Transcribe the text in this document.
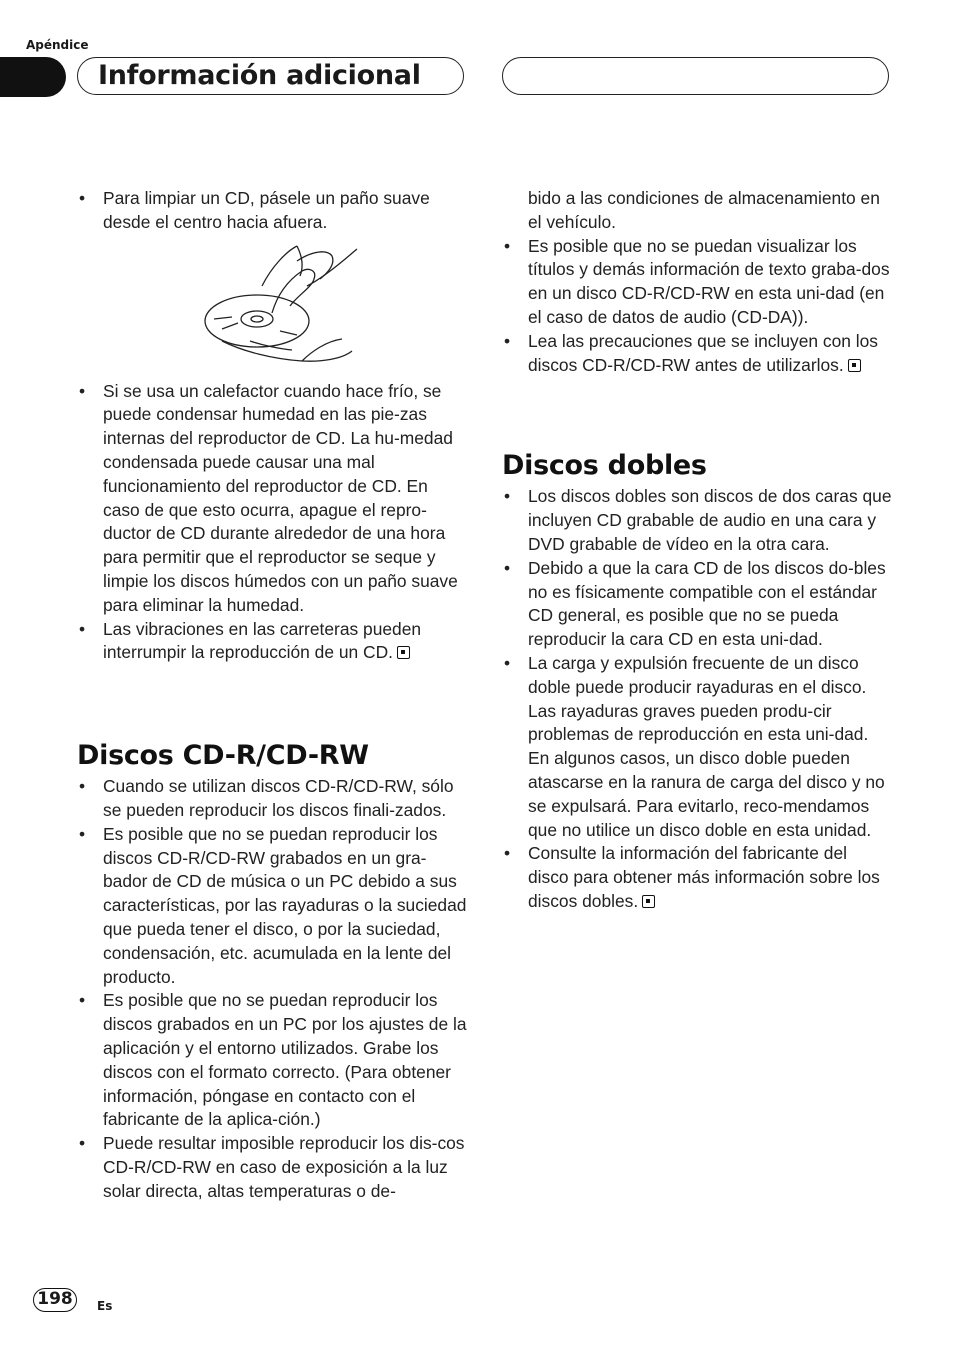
Apéndice
Información adicional
• Para limpiar un CD, pásele un paño suave desde el centro hacia afuera.
• Si se usa un calefactor cuando hace frío, se puede condensar humedad en las pie-zas internas del reproductor de CD. La hu-medad condensada puede causar una mal funcionamiento del reproductor de CD. En caso de que esto ocurra, apague el repro-ductor de CD durante alrededor de una hora para permitir que el reproductor se seque y limpie los discos húmedos con un paño suave para eliminar la humedad.
• Las vibraciones en las carreteras pueden interrumpir la reproducción de un CD.
Discos CD-R/CD-RW
• Cuando se utilizan discos CD-R/CD-RW, sólo se pueden reproducir los discos finali-zados.
• Es posible que no se puedan reproducir los discos CD-R/CD-RW grabados en un gra-bador de CD de música o un PC debido a sus características, por las rayaduras o la suciedad que pueda tener el disco, o por la suciedad, condensación, etc. acumulada en la lente del producto.
• Es posible que no se puedan reproducir los discos grabados en un PC por los ajustes de la aplicación y el entorno utilizados. Grabe los discos con el formato correcto. (Para obtener información, póngase en contacto con el fabricante de la aplica-ción.)
• Puede resultar imposible reproducir los dis-cos CD-R/CD-RW en caso de exposición a la luz solar directa, altas temperaturas o de-

bido a las condiciones de almacenamiento en el vehículo.

• Es posible que no se puedan visualizar los títulos y demás información de texto graba-dos en un disco CD-R/CD-RW en esta uni-dad (en el caso de datos de audio (CD-DA)).
• Lea las precauciones que se incluyen con los discos CD-R/CD-RW antes de utilizarlos.
Discos dobles
• Los discos dobles son discos de dos caras que incluyen CD grabable de audio en una cara y DVD grabable de vídeo en la otra cara.
• Debido a que la cara CD de los discos do-bles no es físicamente compatible con el estándar CD general, es posible que no se pueda reproducir la cara CD en esta uni-dad.
• La carga y expulsión frecuente de un disco doble puede producir rayaduras en el disco. Las rayaduras graves pueden produ-cir problemas de reproducción en esta uni-dad. En algunos casos, un disco doble pueden atascarse en la ranura de carga del disco y no se expulsará. Para evitarlo, reco-mendamos que no utilice un disco doble en esta unidad.
• Consulte la información del fabricante del disco para obtener más información sobre los discos dobles.
198	Es
